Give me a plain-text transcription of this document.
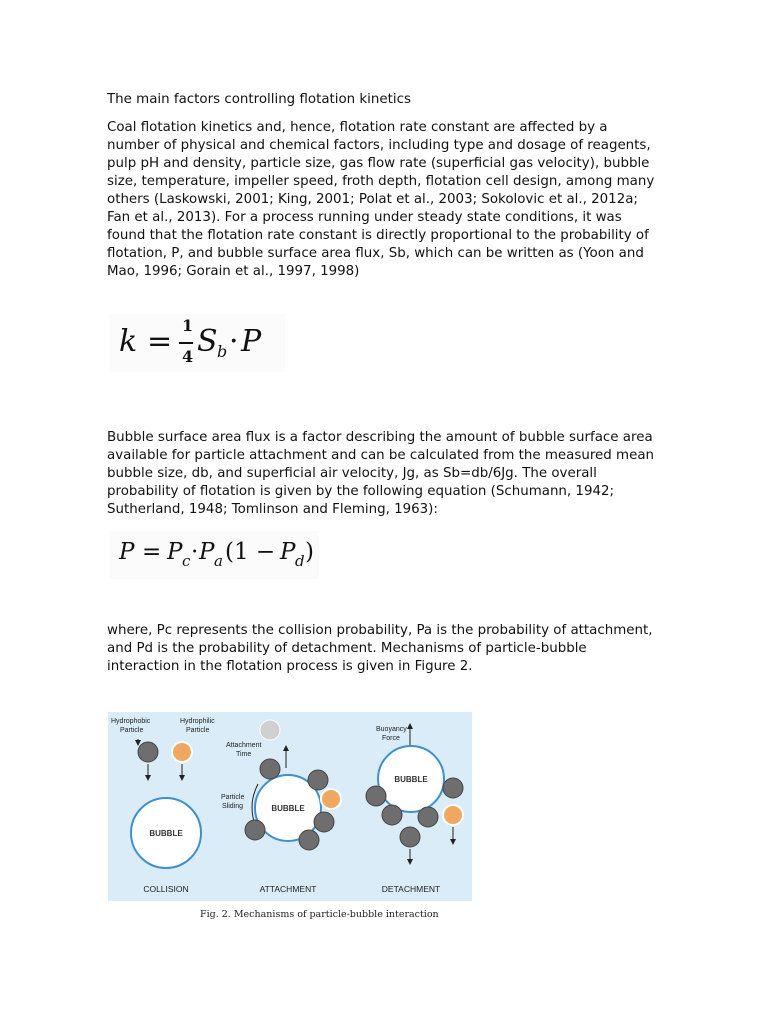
The main factors controlling flotation kinetics
Coal flotation kinetics and, hence, flotation rate constant are affected by a number of physical and chemical factors, including type and dosage of reagents, pulp pH and density, particle size, gas flow rate (superficial gas velocity), bubble size, temperature, impeller speed, froth depth, flotation cell design, among many others (Laskowski, 2001; King, 2001; Polat et al., 2003; Sokolovic et al., 2012a; Fan et al., 2013). For a process running under steady state conditions, it was found that the flotation rate constant is directly proportional to the probability of flotation, P, and bubble surface area flux, Sb, which can be written as (Yoon and Mao, 1996; Gorain et al., 1997, 1998)
k = 1
4 S b · P
Bubble surface area flux is a factor describing the amount of bubble surface area available for particle attachment and can be calculated from the measured mean bubble size, db, and superficial air velocity, Jg, as Sb=db/6Jg. The overall probability of flotation is given by the following equation (Schumann, 1942; Sutherland, 1948; Tomlinson and Fleming, 1963):
P = P c · P a (1 − P d )
where, Pc represents the collision probability, Pa is the probability of attachment, and Pd is the probability of detachment. Mechanisms of particle-bubble interaction in the flotation process is given in Figure 2.
Hydrophobic
Particle
Hydrophilic
Particle
BUBBLE
COLLISION
Attachment
Time
BUBBLE
Particle
Sliding
ATTACHMENT
Buoyancy
Force
BUBBLE
DETACHMENT
Fig. 2. Mechanisms of particle-bubble interaction
